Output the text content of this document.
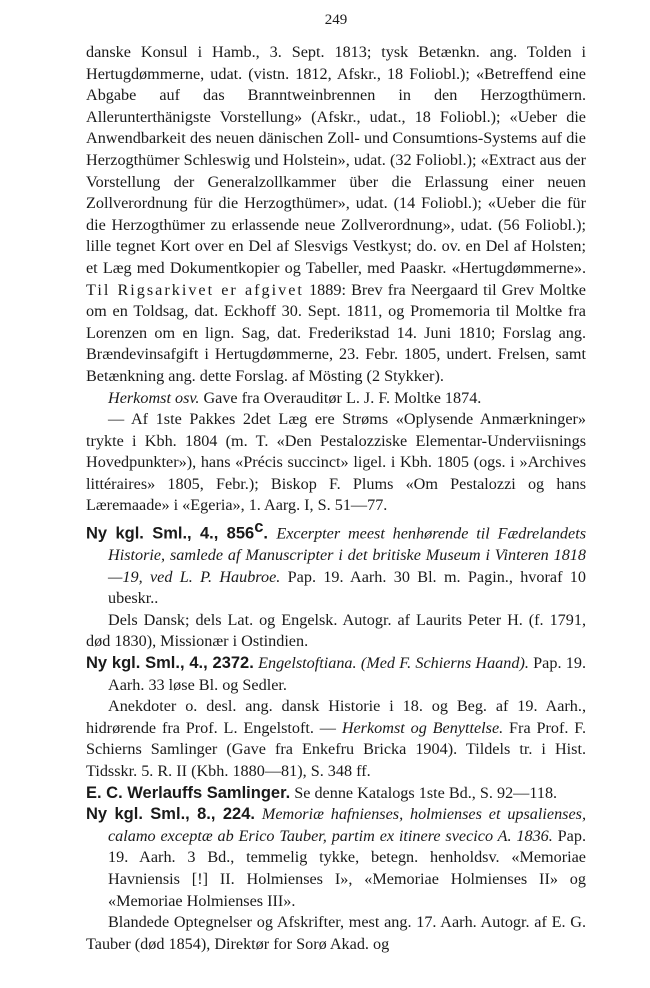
249

danske Konsul i Hamb., 3. Sept. 1813; tysk Betænkn. ang. Tolden i Hertugdømmerne, udat. (vistn. 1812, Afskr., 18 Foliobl.); «Betreffend eine Abgabe auf das Branntweinbrennen in den Herzogthümern. Allerunterthänigste Vorstellung» (Afskr., udat., 18 Foliobl.); «Ueber die Anwendbarkeit des neuen dänischen Zoll- und Consumtions-Systems auf die Herzogthümer Schleswig und Holstein», udat. (32 Foliobl.); «Extract aus der Vorstellung der Generalzollkammer über die Erlassung einer neuen Zollverordnung für die Herzogthümer», udat. (14 Foliobl.); «Ueber die für die Herzogthümer zu erlassende neue Zollverordnung», udat. (56 Foliobl.); lille tegnet Kort over en Del af Slesvigs Vestkyst; do. ov. en Del af Holsten; et Læg med Dokumentkopier og Tabeller, med Paaskr. «Hertugdømmerne». Til Rigsarkivet er afgivet 1889: Brev fra Neergaard til Grev Moltke om en Toldsag, dat. Eckhoff 30. Sept. 1811, og Promemoria til Moltke fra Lorenzen om en lign. Sag, dat. Frederikstad 14. Juni 1810; Forslag ang. Brændevinsafgift i Hertugdømmerne, 23. Febr. 1805, undert. Frelsen, samt Betænkning ang. dette Forslag. af Mösting (2 Stykker).

Herkomst osv. Gave fra Overauditør L. J. F. Moltke 1874.

— Af 1ste Pakkes 2det Læg ere Strøms «Oplysende Anmærkninger» trykte i Kbh. 1804 (m. T. «Den Pestalozziske Elementar-Underviisnings Hovedpunkter»), hans «Précis succinct» ligel. i Kbh. 1805 (ogs. i »Archives littéraires» 1805, Febr.); Biskop F. Plums «Om Pestalozzi og hans Læremaade» i «Egeria», 1. Aarg. I, S. 51—77.

Ny kgl. Sml., 4., 856$^c$. Excerpter meest henhørende til Fædrelandets Historie, samlede af Manuscripter i det britiske Museum i Vinteren 1818—19, ved L. P. Haubroe. Pap. 19. Aarh. 30 Bl. m. Pagin., hvoraf 10 ubeskr..

Dels Dansk; dels Lat. og Engelsk. Autogr. af Laurits Peter H. (f. 1791, død 1830), Missionær i Ostindien.

Ny kgl. Sml., 4., 2372. Engelstoftiana. (Med F. Schierns Haand). Pap. 19. Aarh. 33 løse Bl. og Sedler.

Anekdoter o. desl. ang. dansk Historie i 18. og Beg. af 19. Aarh., hidrørende fra Prof. L. Engelstoft. — Herkomst og Benyttelse. Fra Prof. F. Schierns Samlinger (Gave fra Enkefru Bricka 1904). Tildels tr. i Hist. Tidsskr. 5. R. II (Kbh. 1880—81), S. 348 ff.

E. C. Werlauffs Samlinger. Se denne Katalogs 1ste Bd., S. 92—118.

Ny kgl. Sml., 8., 224. Memoriæ hafnienses, holmienses et upsalienses, calamo exceptæ ab Erico Tauber, partim ex itinere svecico A. 1836. Pap. 19. Aarh. 3 Bd., temmelig tykke, betegn. henholdsv. «Memoriae Havniensis [!] II. Holmienses I», «Memoriae Holmienses II» og «Memoriae Holmienses III».

Blandede Optegnelser og Afskrifter, mest ang. 17. Aarh. Autogr. af E. G. Tauber (død 1854), Direktør for Sorø Akad. og
